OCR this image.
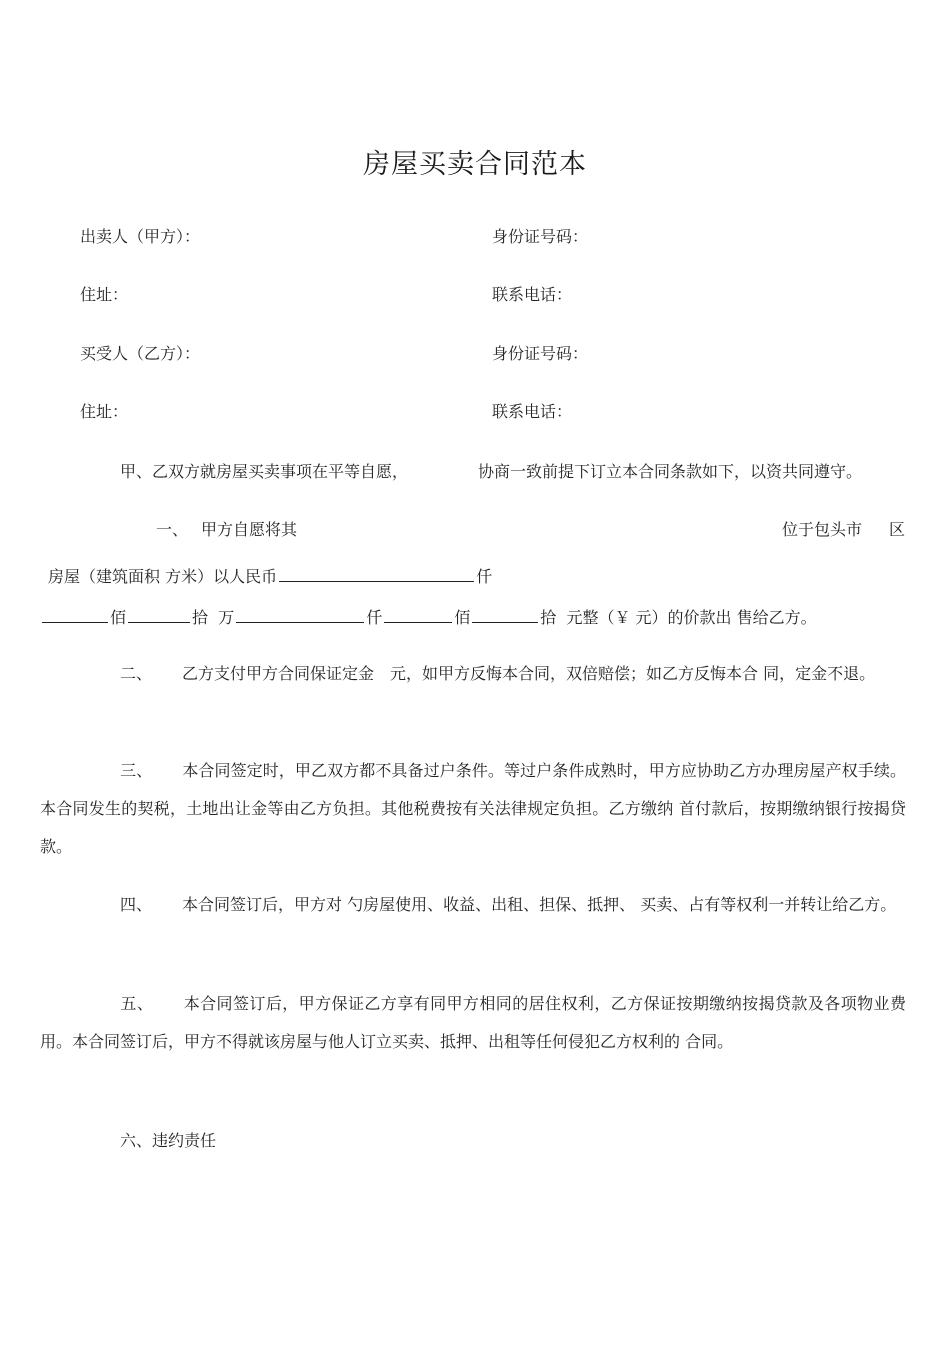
房屋买卖合同范本
出卖人（甲方）：	身份证号码：
住址：	联系电话：
买受人（乙方）：	身份证号码：
住址：	联系电话：
甲、乙双方就房屋买卖事项在平等自愿，	协商一致前提下订立本合同条款如下，以资共同遵守。
一、 甲方自愿将其	位于包头市 区
房屋（建筑面积 方米）以人民币	仟
佰	拾 万	仟	佰	拾 元整（￥ 元）的价款出 售给乙方。
二、 乙方支付甲方合同保证定金　元，如甲方反悔本合同，双倍赔偿；如乙方反悔本合 同，定金不退。
三、 本合同签定时，甲乙双方都不具备过户条件。等过户条件成熟时，甲方应协助乙方办理房屋产权手续。本合同发生的契税，土地出让金等由乙方负担。其他税费按有关法律规定负担。乙方缴纳 首付款后，按期缴纳银行按揭贷款。
四、 本合同签订后，甲方对 勺房屋使用、收益、出租、担保、抵押、 买卖、占有等权利一并转让给乙方。
五、 本合同签订后，甲方保证乙方享有同甲方相同的居住权利，乙方保证按期缴纳按揭贷款及各项物业费用。本合同签订后，甲方不得就该房屋与他人订立买卖、抵押、出租等任何侵犯乙方权利的 合同。
六、违约责任
